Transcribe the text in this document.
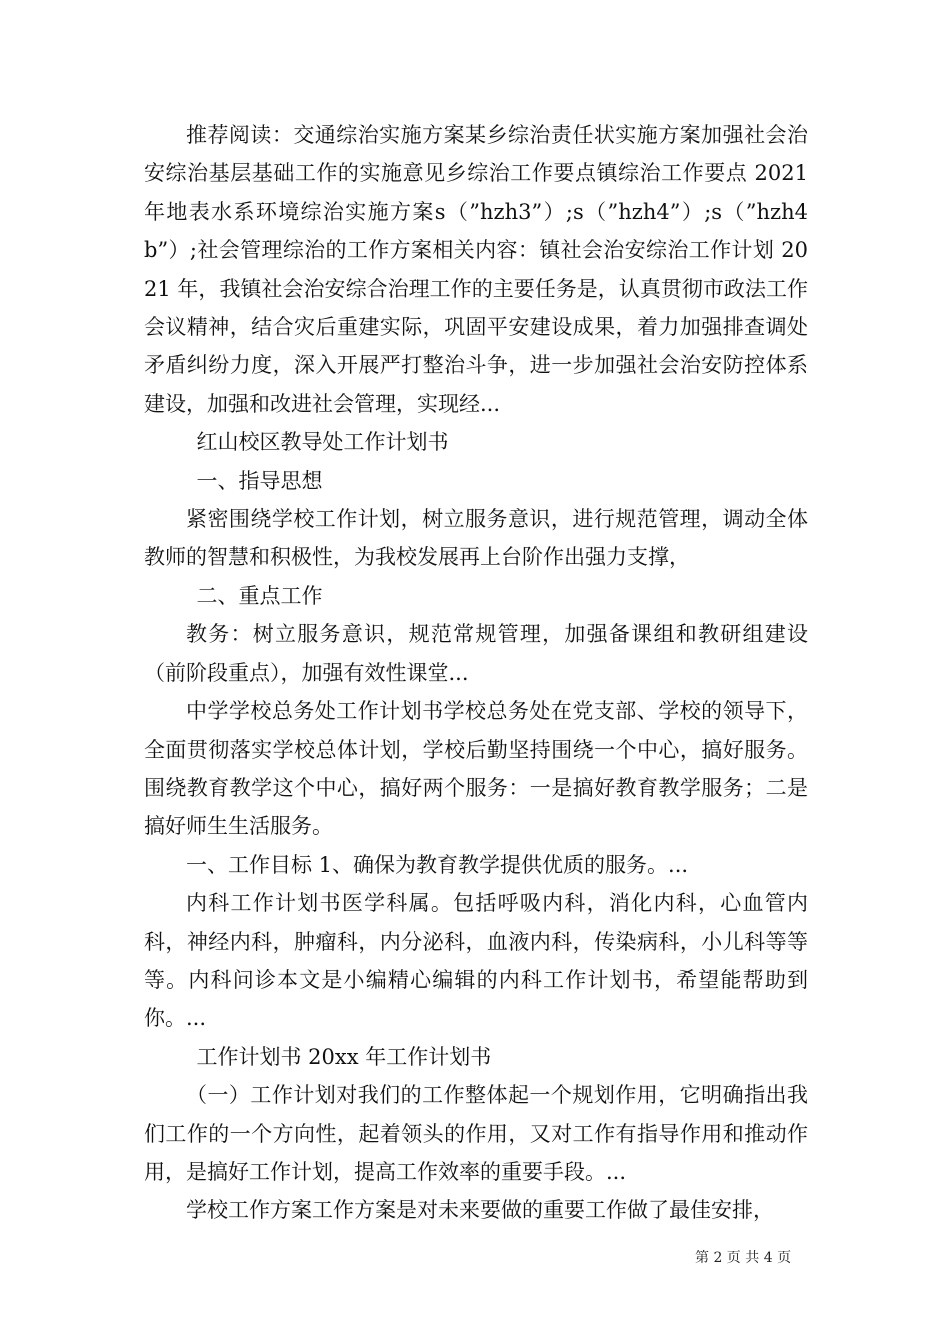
推荐阅读：交通综治实施方案某乡综治责任状实施方案加强社会治安综治基层基础工作的实施意见乡综治工作要点镇综治工作要点 2021 年地表水系环境综治实施方案s（”hzh3”）;s（”hzh4”）;s（”hzh4b”）;社会管理综治的工作方案相关内容：镇社会治安综治工作计划 2021 年，我镇社会治安综合治理工作的主要任务是，认真贯彻市政法工作会议精神，结合灾后重建实际，巩固平安建设成果，着力加强排查调处矛盾纠纷力度，深入开展严打整治斗争，进一步加强社会治安防控体系建设，加强和改进社会管理，实现经...

红山校区教导处工作计划书

一、指导思想

紧密围绕学校工作计划，树立服务意识，进行规范管理，调动全体教师的智慧和积极性，为我校发展再上台阶作出强力支撑，

二、重点工作

教务：树立服务意识，规范常规管理，加强备课组和教研组建设（前阶段重点），加强有效性课堂...

中学学校总务处工作计划书学校总务处在党支部、学校的领导下，全面贯彻落实学校总体计划，学校后勤坚持围绕一个中心，搞好服务。围绕教育教学这个中心，搞好两个服务：一是搞好教育教学服务；二是搞好师生生活服务。

一、工作目标 1、确保为教育教学提供优质的服务。...

内科工作计划书医学科属。包括呼吸内科，消化内科，心血管内科，神经内科，肿瘤科，内分泌科，血液内科，传染病科，小儿科等等等。内科问诊本文是小编精心编辑的内科工作计划书，希望能帮助到你。...

工作计划书 20xx 年工作计划书

（一）工作计划对我们的工作整体起一个规划作用，它明确指出我们工作的一个方向性，起着领头的作用，又对工作有指导作用和推动作用，是搞好工作计划，提高工作效率的重要手段。...

学校工作方案工作方案是对未来要做的重要工作做了最佳安排，

第 2 页 共 4 页
